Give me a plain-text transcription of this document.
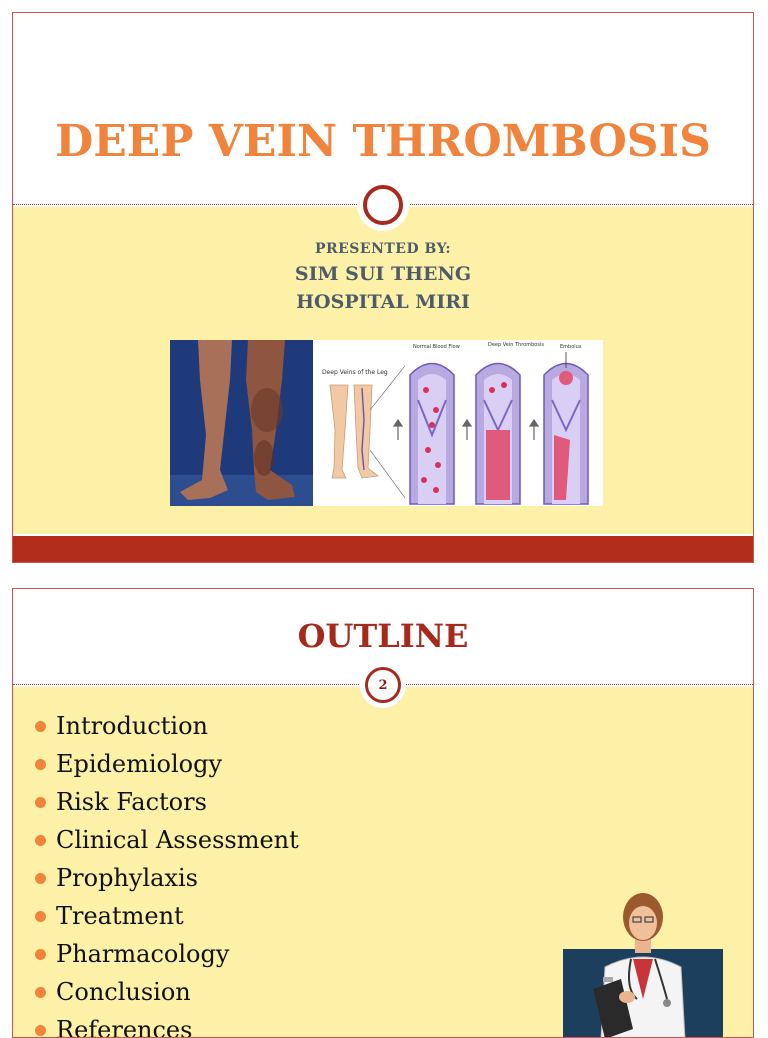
DEEP VEIN THROMBOSIS
PRESENTED BY:
SIM SUI THENG
HOSPITAL MIRI
Deep Veins of the Leg
Normal Blood Flow	Deep Vein Thrombosis	Embolus
2
OUTLINE
Introduction
Epidemiology
Risk Factors
Clinical Assessment
Prophylaxis
Treatment
Pharmacology
Conclusion
References
